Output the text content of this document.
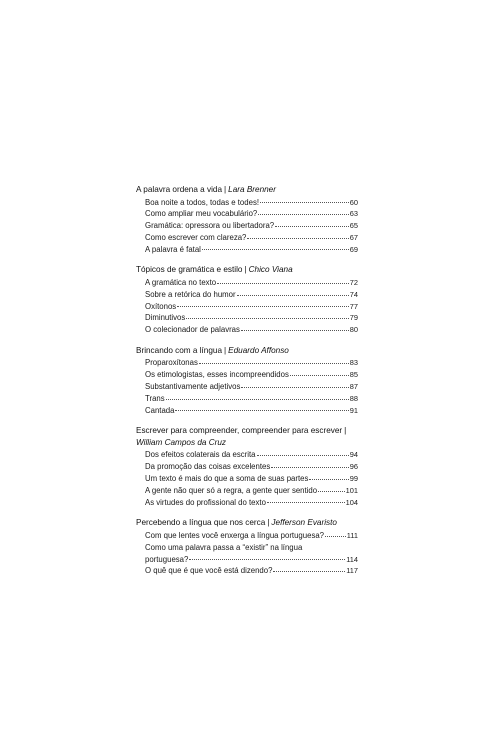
A palavra ordena a vida | Lara Brenner
Boa noite a todos, todas e todes!	60
Como ampliar meu vocabulário?	63
Gramática: opressora ou libertadora?	65
Como escrever com clareza?	67
A palavra é fatal	69
Tópicos de gramática e estilo | Chico Viana
A gramática no texto	72
Sobre a retórica do humor	74
Oxítonos	77
Diminutivos	79
O colecionador de palavras	80
Brincando com a língua | Eduardo Affonso
Proparoxítonas	83
Os etimologistas, esses incompreendidos	85
Substantivamente adjetivos	87
Trans	88
Cantada	91
Escrever para compreender, compreender para escrever |
William Campos da Cruz
Dos efeitos colaterais da escrita	94
Da promoção das coisas excelentes	96
Um texto é mais do que a soma de suas partes	99
A gente não quer só a regra, a gente quer sentido	101
As virtudes do profissional do texto	104
Percebendo a língua que nos cerca | Jefferson Evaristo
Com que lentes você enxerga a língua portuguesa?	111
Como uma palavra passa a “existir” na língua
portuguesa?	114
O quê que é que você está dizendo?	117
